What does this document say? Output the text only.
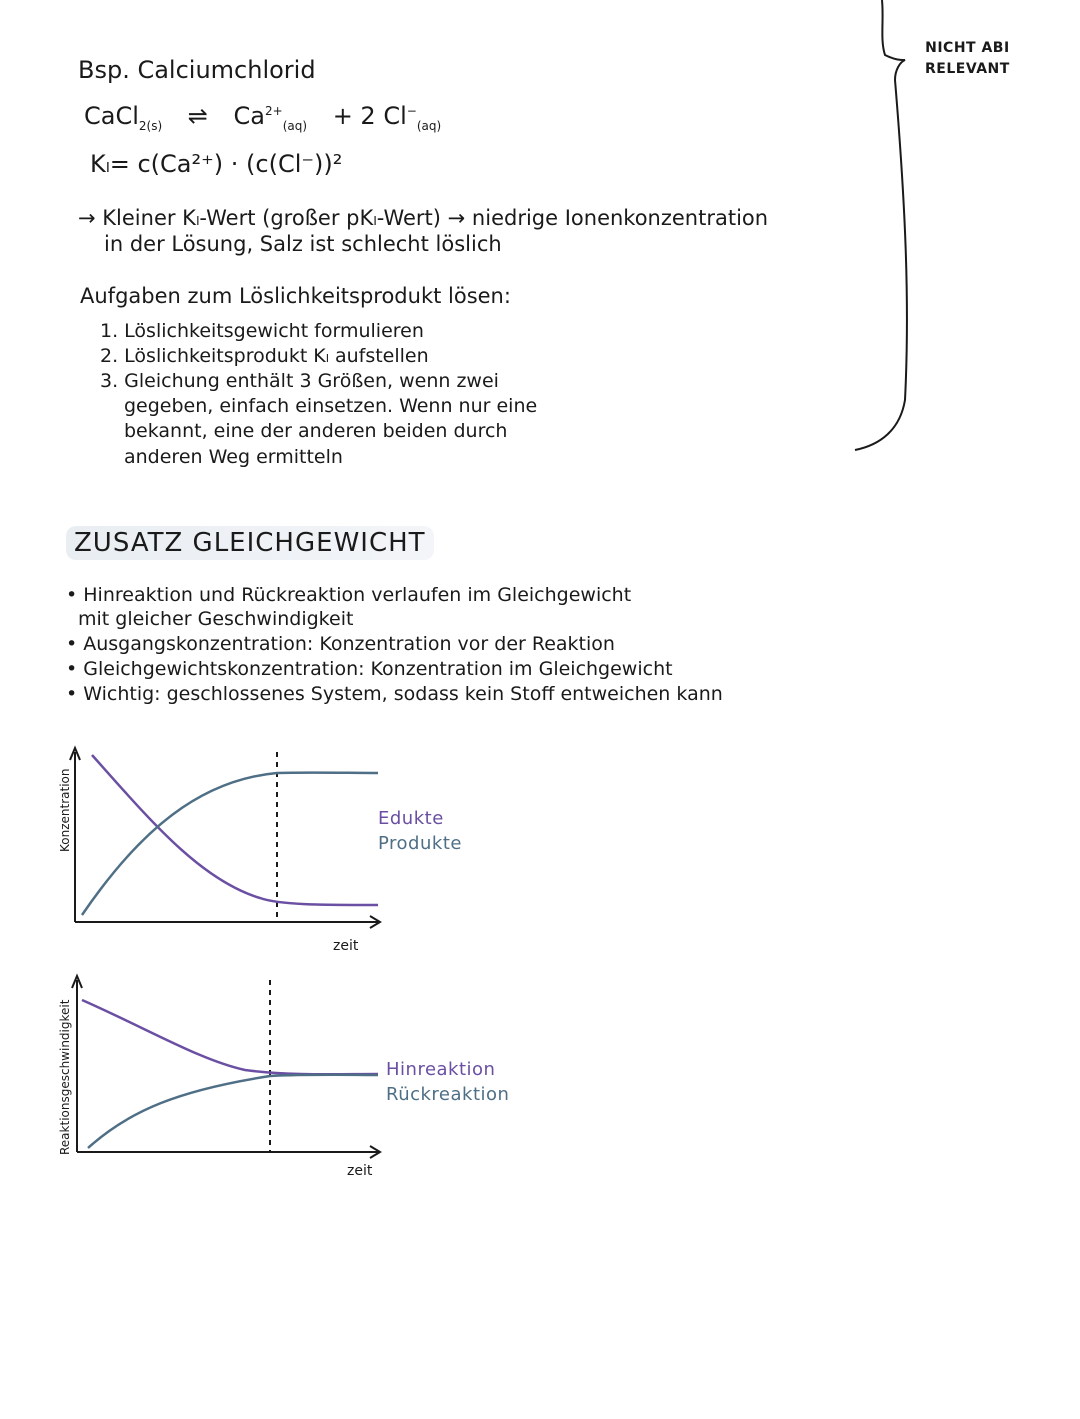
NICHT ABI
RELEVANT
Bsp. Calciumchlorid
CaCl$_{2(s)}$ ⇌ $Ca^{2+}_{(aq)} + 2$ $Cl^-_{(aq)}$
Kₗ= c(Ca²⁺) · (c(Cl⁻))²
→ Kleiner Kₗ-Wert (großer pKₗ-Wert) → niedrige Ionenkonzentration
in der Lösung, Salz ist schlecht löslich
Aufgaben zum Löslichkeitsprodukt lösen:
1. Löslichkeitsgewicht formulieren
2. Löslichkeitsprodukt Kₗ aufstellen
3. Gleichung enthält 3 Größen, wenn zwei
gegeben, einfach einsetzen. Wenn nur eine
bekannt, eine der anderen beiden durch
anderen Weg ermitteln
ZUSATZ GLEICHGEWICHT
• Hinreaktion und Rückreaktion verlaufen im Gleichgewicht
mit gleicher Geschwindigkeit
• Ausgangskonzentration: Konzentration vor der Reaktion
• Gleichgewichtskonzentration: Konzentration im Gleichgewicht
• Wichtig: geschlossenes System, sodass kein Stoff entweichen kann
Konzentration
zeit
Edukte
Produkte
Reaktionsgeschwindigkeit
zeit
Hinreaktion
Rückreaktion
